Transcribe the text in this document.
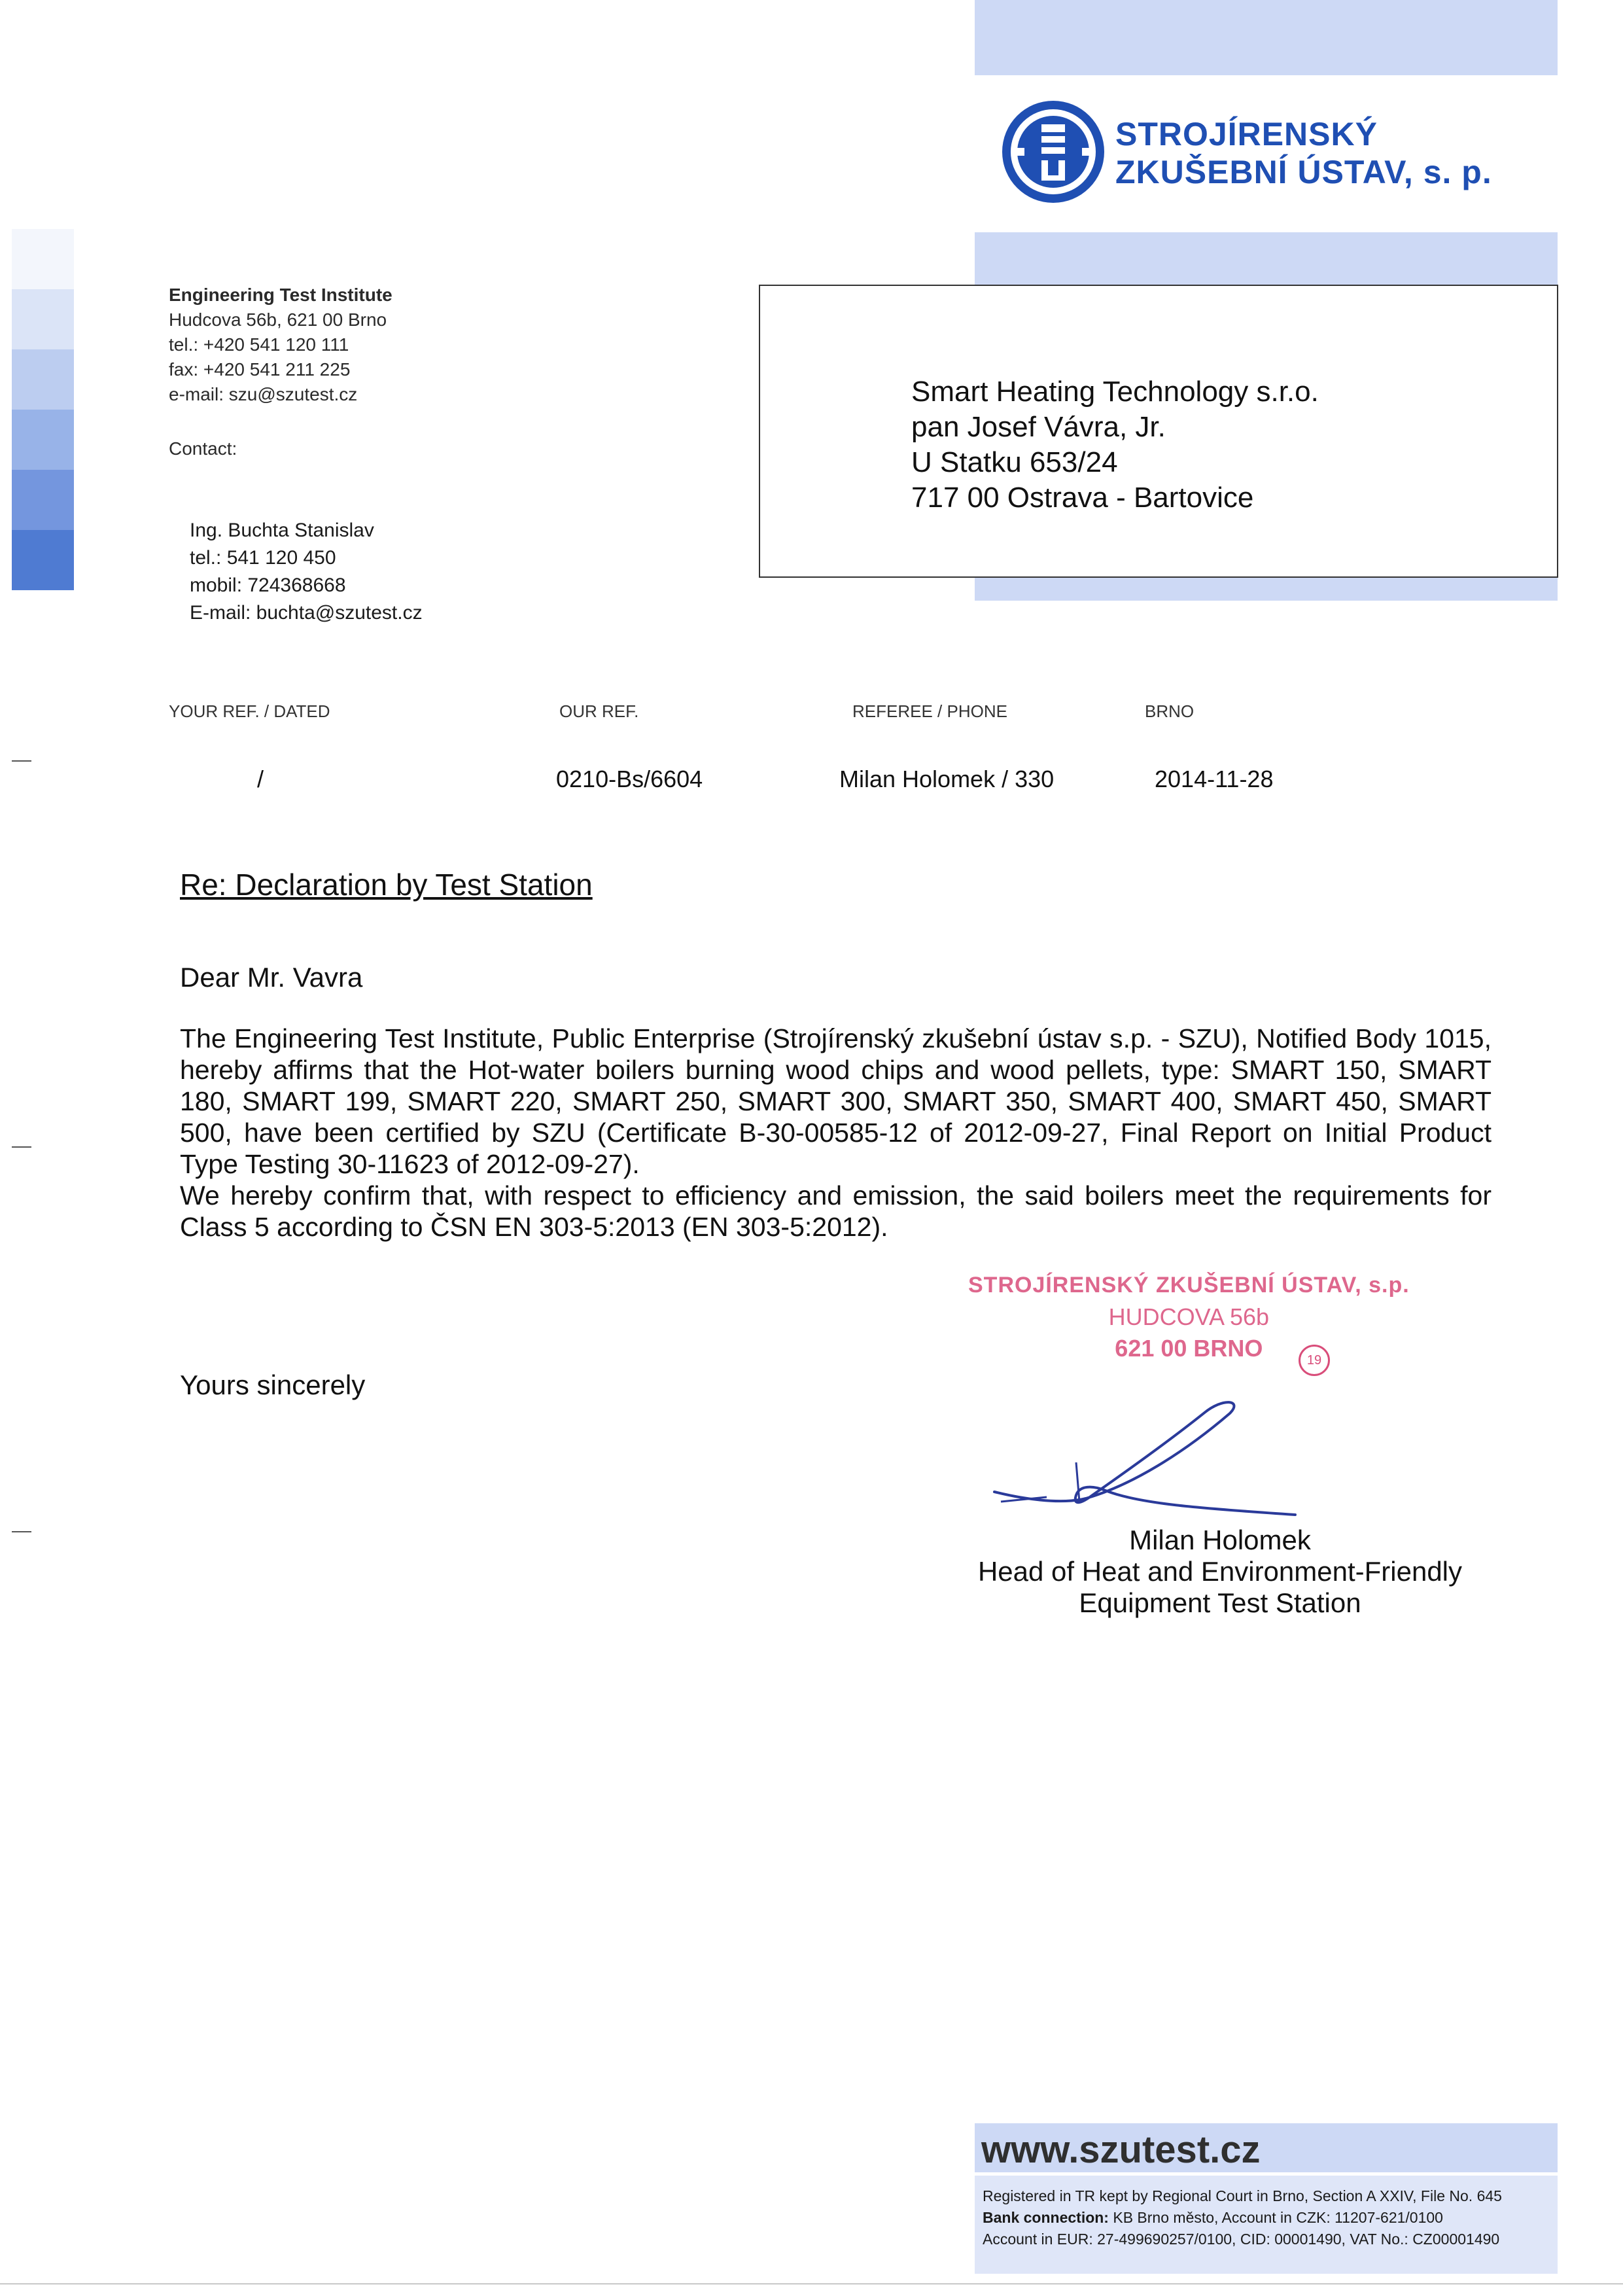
STROJÍRENSKÝ
ZKUŠEBNÍ ÚSTAV, s. p.
Engineering Test Institute
Hudcova 56b, 621 00 Brno
tel.: +420 541 120 111
fax: +420 541 211 225
e-mail: szu@szutest.cz
Contact:
Ing. Buchta Stanislav
tel.: 541 120 450
mobil: 724368668
E-mail: buchta@szutest.cz
Smart Heating Technology s.r.o.
pan Josef Vávra, Jr.
U Statku 653/24
717 00 Ostrava - Bartovice
YOUR REF. / DATED	OUR REF.	REFEREE / PHONE	BRNO
/	0210-Bs/6604	Milan Holomek / 330	2014-11-28
Re: Declaration by Test Station
Dear Mr. Vavra
The Engineering Test Institute, Public Enterprise (Strojírenský zkušební ústav s.p. - SZU), Notified Body 1015, hereby affirms that the Hot-water boilers burning wood chips and wood pellets, type: SMART 150, SMART 180, SMART 199, SMART 220, SMART 250, SMART 300, SMART 350, SMART 400, SMART 450, SMART 500, have been certified by SZU (Certificate B-30-00585-12 of 2012-09-27, Final Report on Initial Product Type Testing 30-11623 of 2012-09-27).
We hereby confirm that, with respect to efficiency and emission, the said boilers meet the requirements for Class 5 according to ČSN EN 303-5:2013 (EN 303-5:2012).
Yours sincerely
STROJÍRENSKÝ ZKUŠEBNÍ ÚSTAV, s.p.
HUDCOVA 56b
621 00 BRNO	19
Milan Holomek
Head of Heat and Environment-Friendly
Equipment Test Station
www.szutest.cz
Registered in TR kept by Regional Court in Brno, Section A XXIV, File No. 645
Bank connection: KB Brno město, Account in CZK: 11207-621/0100
Account in EUR: 27-499690257/0100, CID: 00001490, VAT No.: CZ00001490
